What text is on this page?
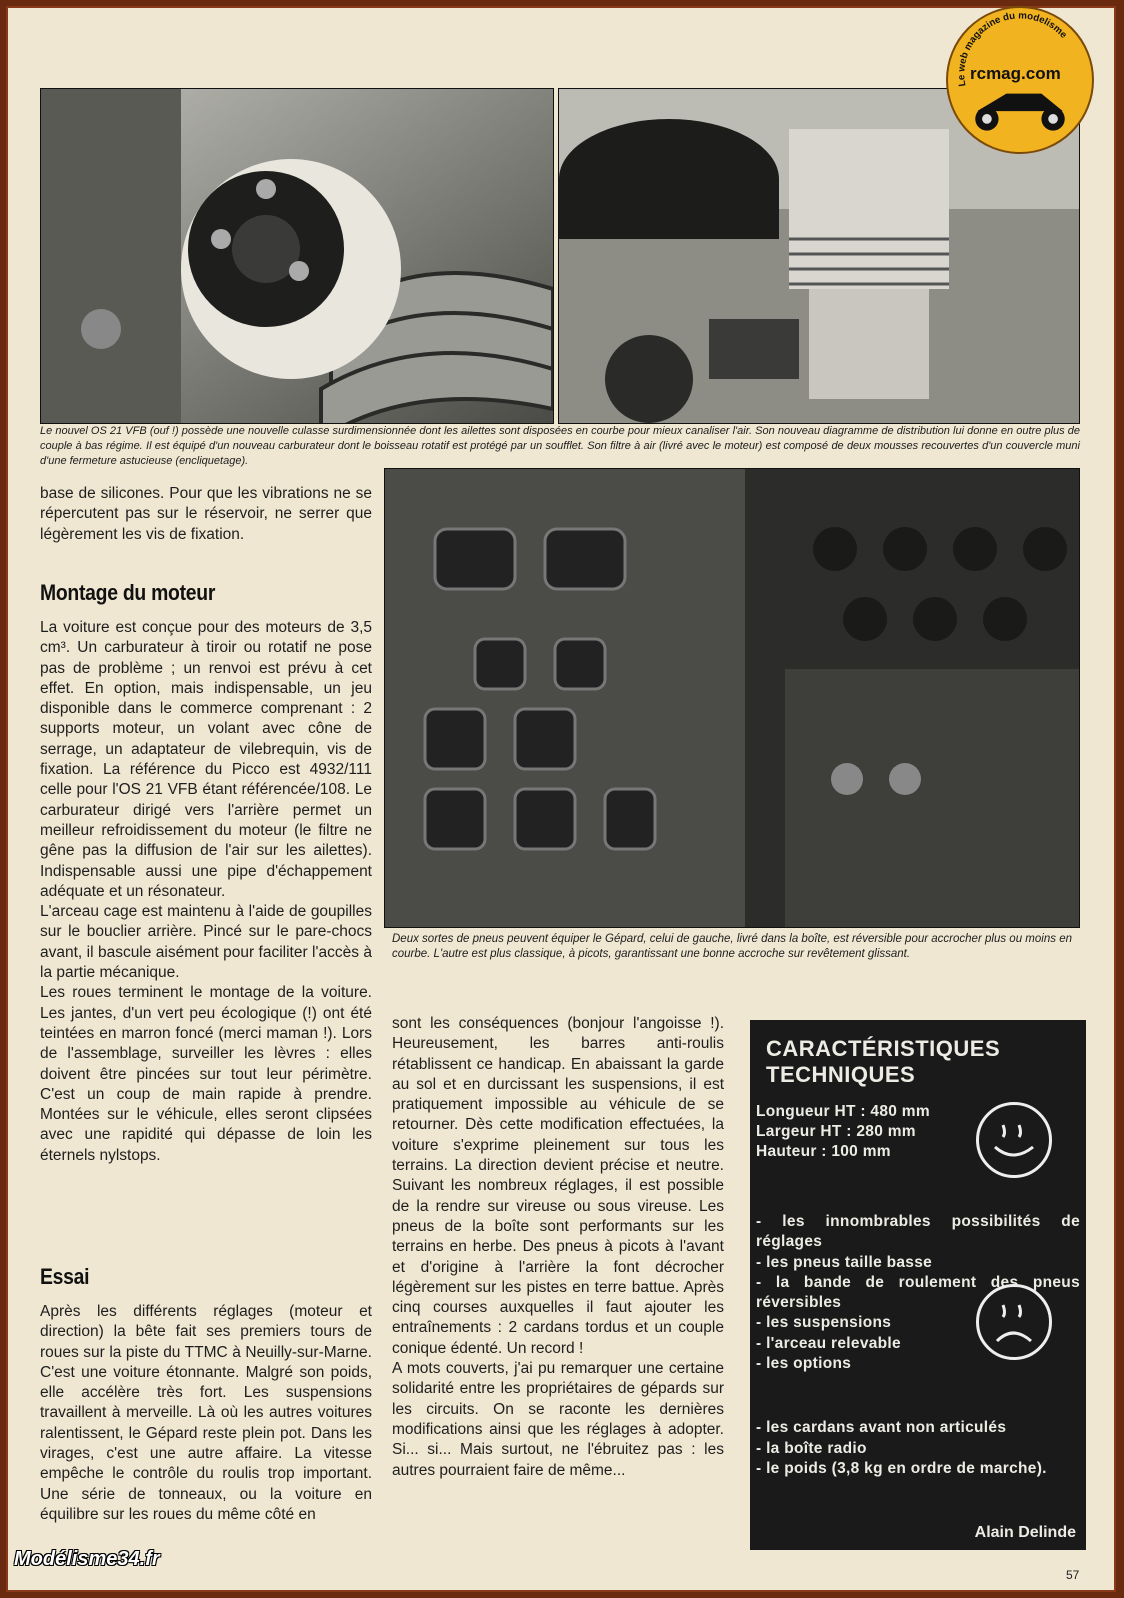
Le nouvel OS 21 VFB (ouf !) possède une nouvelle culasse surdimensionnée dont les ailettes sont disposées en courbe pour mieux canaliser l'air. Son nouveau diagramme de distribution lui donne en outre plus de couple à bas régime. Il est équipé d'un nouveau carburateur dont le boisseau rotatif est protégé par un soufflet. Son filtre à air (livré avec le moteur) est composé de deux mousses recouvertes d'un couvercle muni d'une fermeture astucieuse (encliquetage).
Deux sortes de pneus peuvent équiper le Gépard, celui de gauche, livré dans la boîte, est réversible pour accrocher plus ou moins en courbe. L'autre est plus classique, à picots, garantissant une bonne accroche sur revêtement glissant.

base de silicones. Pour que les vibrations ne se répercutent pas sur le réservoir, ne serrer que légèrement les vis de fixation.

Montage du moteur

La voiture est conçue pour des moteurs de 3,5 cm³. Un carburateur à tiroir ou rotatif ne pose pas de problème ; un renvoi est prévu à cet effet. En option, mais indispensable, un jeu disponible dans le commerce comprenant : 2 supports moteur, un volant avec cône de serrage, un adaptateur de vilebrequin, vis de fixation. La référence du Picco est 4932/111 celle pour l'OS 21 VFB étant référencée/108. Le carburateur dirigé vers l'arrière permet un meilleur refroidissement du moteur (le filtre ne gêne pas la diffusion de l'air sur les ailettes). Indispensable aussi une pipe d'échappement adéquate et un résonateur.

L'arceau cage est maintenu à l'aide de goupilles sur le bouclier arrière. Pincé sur le pare-chocs avant, il bascule aisément pour faciliter l'accès à la partie mécanique.

Les roues terminent le montage de la voiture. Les jantes, d'un vert peu écologique (!) ont été teintées en marron foncé (merci maman !). Lors de l'assemblage, surveiller les lèvres : elles doivent être pincées sur tout leur périmètre. C'est un coup de main rapide à prendre. Montées sur le véhicule, elles seront clipsées avec une rapidité qui dépasse de loin les éternels nylstops.

Essai

Après les différents réglages (moteur et direction) la bête fait ses premiers tours de roues sur la piste du TTMC à Neuilly-sur-Marne. C'est une voiture étonnante. Malgré son poids, elle accélère très fort. Les suspensions travaillent à merveille. Là où les autres voitures ralentissent, le Gépard reste plein pot. Dans les virages, c'est une autre affaire. La vitesse empêche le contrôle du roulis trop important. Une série de tonneaux, ou la voiture en équilibre sur les roues du même côté en

sont les conséquences (bonjour l'angoisse !). Heureusement, les barres anti-roulis rétablissent ce handicap. En abaissant la garde au sol et en durcissant les suspensions, il est pratiquement impossible au véhicule de se retourner. Dès cette modification effectuées, la voiture s'exprime pleinement sur tous les terrains. La direction devient précise et neutre. Suivant les nombreux réglages, il est possible de la rendre sur vireuse ou sous vireuse. Les pneus de la boîte sont performants sur les terrains en herbe. Des pneus à picots à l'avant et d'origine à l'arrière la font décrocher légèrement sur les pistes en terre battue. Après cinq courses auxquelles il faut ajouter les entraînements : 2 cardans tordus et un couple conique édenté. Un record !

A mots couverts, j'ai pu remarquer une certaine solidarité entre les propriétaires de gépards sur les circuits. On se raconte les dernières modifications ainsi que les réglages à adopter. Si... si... Mais surtout, ne l'ébruitez pas : les autres pourraient faire de même...

CARACTÉRISTIQUES
TECHNIQUES
Longueur HT : 480 mm
Largeur HT : 280 mm
Hauteur : 100 mm
- les innombrables possibilités de réglages
- les pneus taille basse
- la bande de roulement des pneus réversibles
- les suspensions
- l'arceau relevable
- les options
- les cardans avant non articulés
- la boîte radio
- le poids (3,8 kg en ordre de marche).
Alain Delinde
57
Le web magazine du modelisme
rcmag.com
Modélisme34.fr
